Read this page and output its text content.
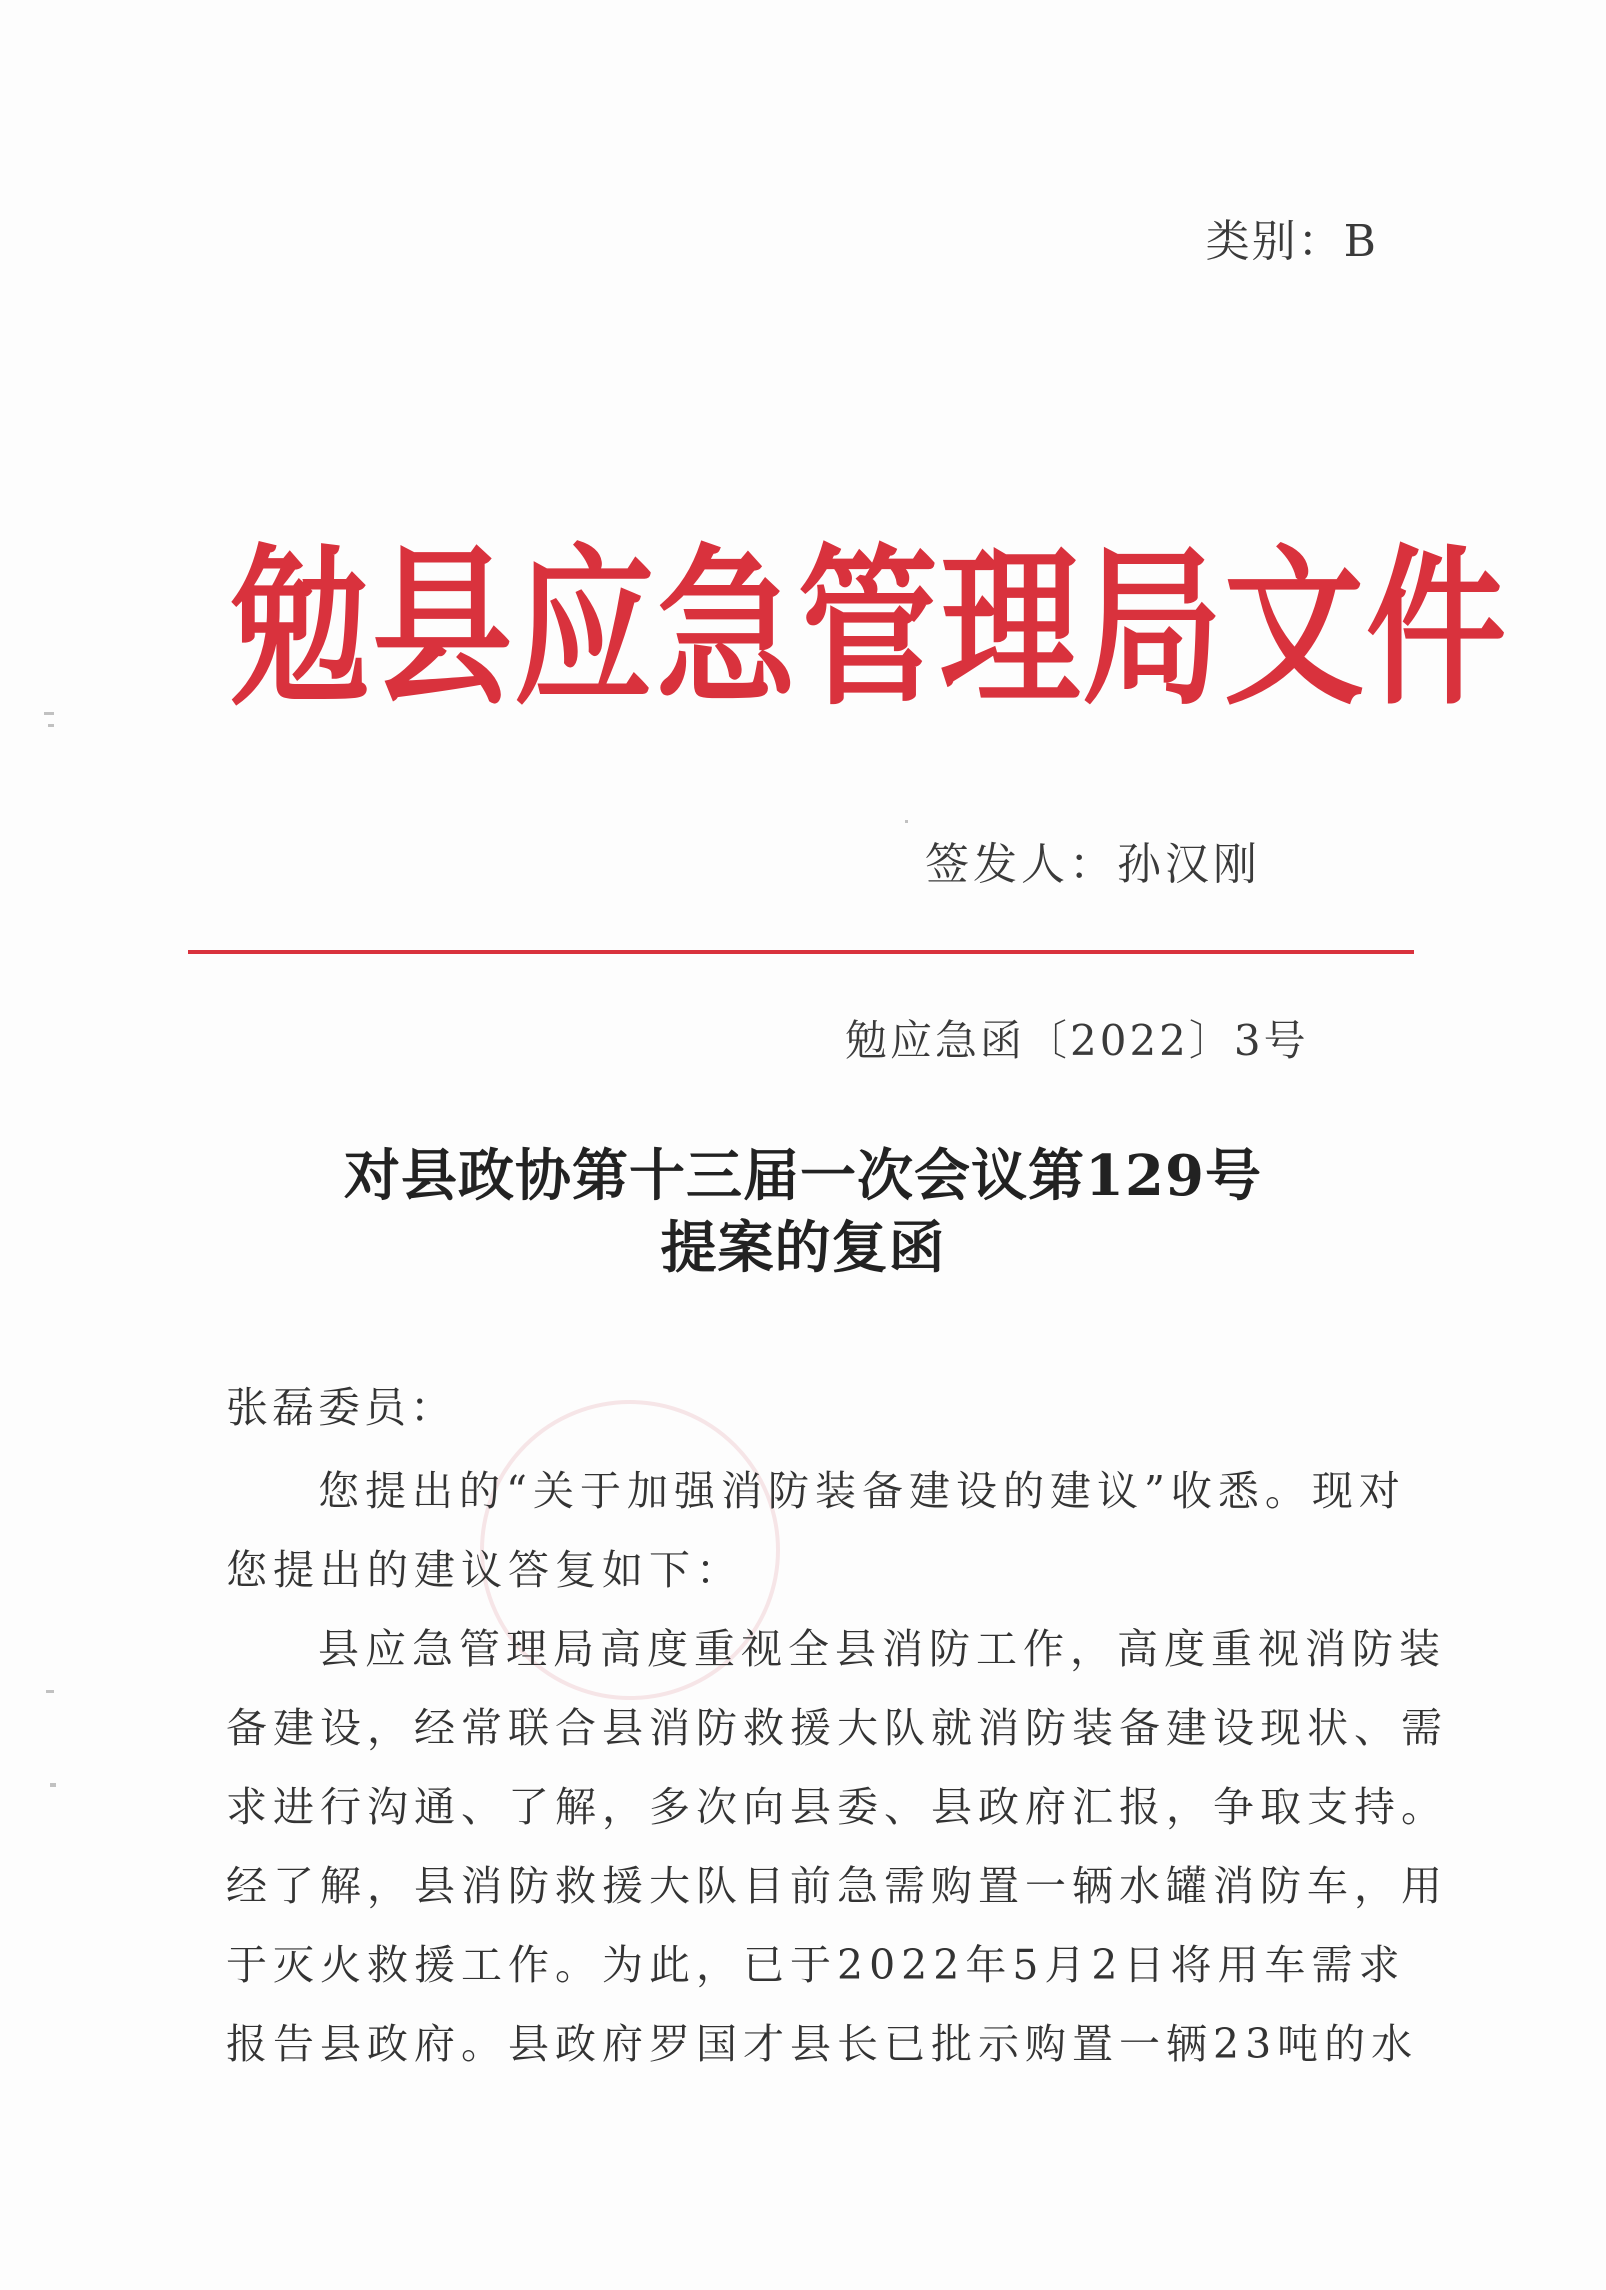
类别：B
勉县应急管理局文件
签发人：孙汉刚
勉应急函〔2022〕3号
对县政协第十三届一次会议第129号
提案的复函
张磊委员：
您提出的“关于加强消防装备建设的建议”收悉。现对
您提出的建议答复如下：
县应急管理局高度重视全县消防工作，高度重视消防装
备建设，经常联合县消防救援大队就消防装备建设现状、需
求进行沟通、了解，多次向县委、县政府汇报，争取支持。
经了解，县消防救援大队目前急需购置一辆水罐消防车，用
于灭火救援工作。为此，已于2022年5月2日将用车需求
报告县政府。县政府罗国才县长已批示购置一辆23吨的水
